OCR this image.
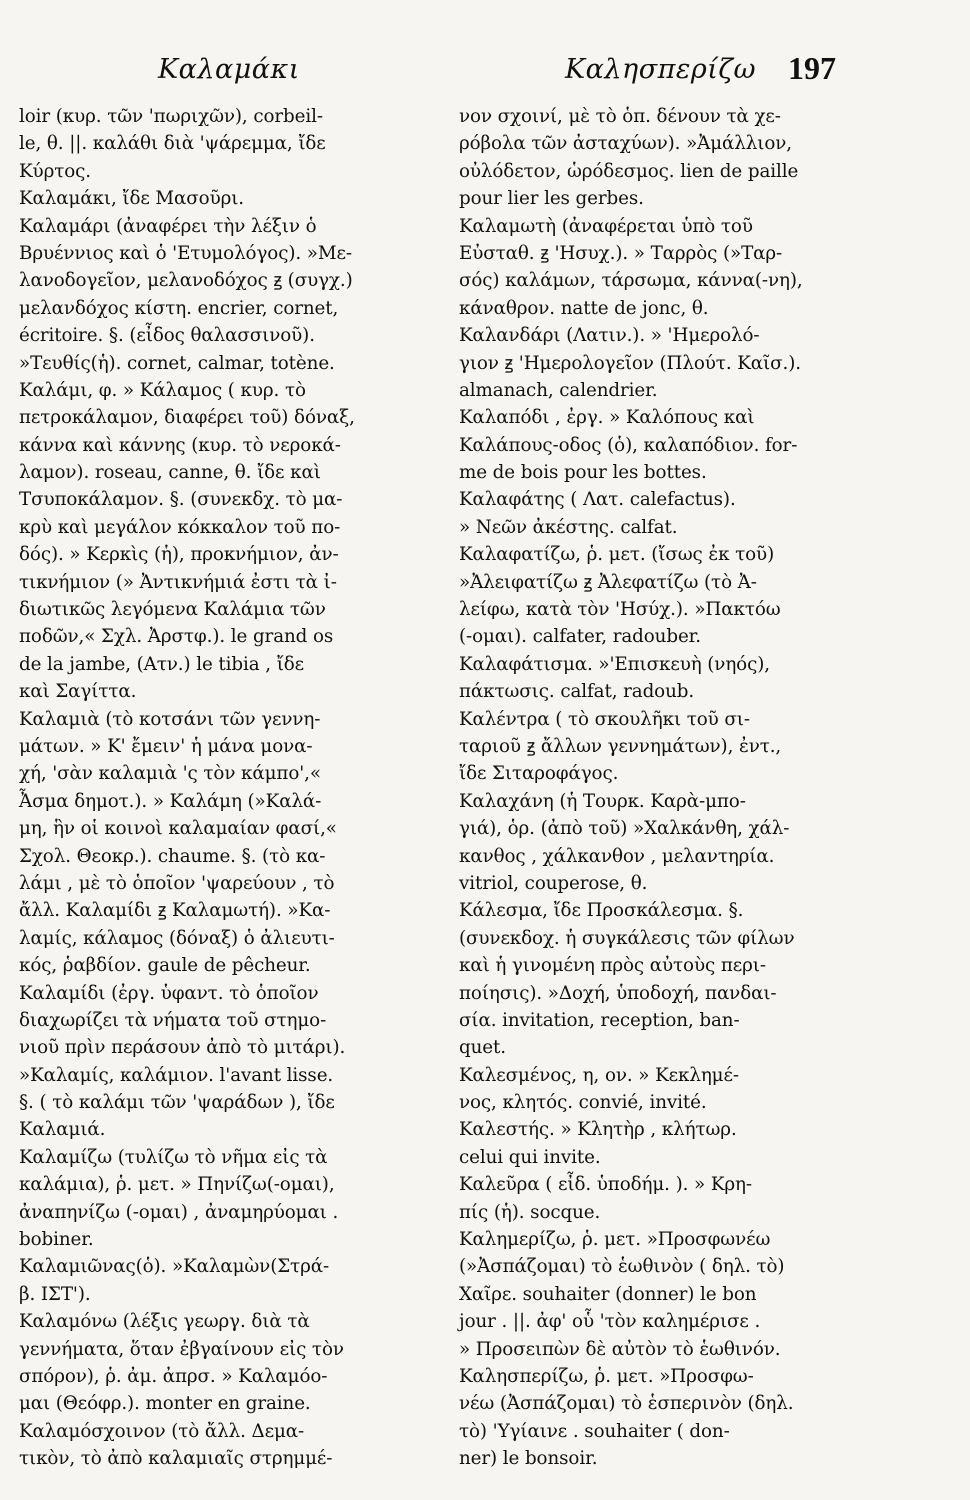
Καλαμάκι	Καλησπερίζω 197
loir (κυρ. τῶν 'πωριχῶν), corbeil-
le, θ. ||. καλάθι διὰ 'ψάρεμμα, ἴδε
Κύρτος.
Καλαμάκι, ἴδε Μασοῦρι.
Καλαμάρι (ἀναφέρει τὴν λέξιν ὁ
Βρυέννιος καὶ ὁ 'Ετυμολόγος). »Με-
λανοδογεῖον, μελανοδόχος ꙃ (συγχ.)
μελανδόχος κίστη. encrier, cornet,
écritoire. §. (εἶδος θαλασσινοῦ).
»Τευθίς(ἡ). cornet, calmar, totène.
Καλάμι, φ. » Κάλαμος ( κυρ. τὸ
πετροκάλαμον, διαφέρει τοῦ) δόναξ,
κάννα καὶ κάννης (κυρ. τὸ νεροκά-
λαμον). roseau, canne, θ. ἴδε καὶ
Τσυποκάλαμον. §. (συνεκδχ. τὸ μα-
κρὺ καὶ μεγάλον κόκκαλον τοῦ πο-
δός). » Κερκὶς (ἡ), προκνήμιον, ἀν-
τικνήμιον (» Ἀντικνήμιά ἐστι τὰ ἰ-
διωτικῶς λεγόμενα Καλάμια τῶν
ποδῶν,« Σχλ. Ἀρστφ.). le grand os
de la jambe, (Ατν.) le tibia , ἴδε
καὶ Σαγίττα.
Καλαμιὰ (τὸ κοτσάνι τῶν γεννη-
μάτων. » Κ' ἔμειν' ἡ μάνα μονα-
χή, 'σὰν καλαμιὰ 'ς τὸν κάμπο',«
Ἆσμα δημοτ.). » Καλάμη (»Καλά-
μη, ἣν οἱ κοινοὶ καλαμαίαν φασί,«
Σχολ. Θεοκρ.). chaume. §. (τὸ κα-
λάμι , μὲ τὸ ὁποῖον 'ψαρεύουν , τὸ
ἄλλ. Καλαμίδι ꙃ Καλαμωτή). »Κα-
λαμίς, κάλαμος (δόναξ) ὁ ἀλιευτι-
κός, ῥαβδίον. gaule de pêcheur.
Καλαμίδι (ἐργ. ὑφαντ. τὸ ὁποῖον
διαχωρίζει τὰ νήματα τοῦ στημο-
νιοῦ πρὶν περάσουν ἀπὸ τὸ μιτάρι).
»Καλαμίς, καλάμιον. l'avant lisse.
§. ( τὸ καλάμι τῶν 'ψαράδων ), ἴδε
Καλαμιά.
Καλαμίζω (τυλίζω τὸ νῆμα εἰς τὰ
καλάμια), ῥ. μετ. » Πηνίζω(-ομαι),
ἀναπηνίζω (-ομαι) , ἀναμηρύομαι .
bobiner.
Καλαμιῶνας(ὁ). »Καλαμὼν(Στρά-
β. ΙΣΤ').
Καλαμόνω (λέξις γεωργ. διὰ τὰ
γεννήματα, ὅταν ἐβγαίνουν εἰς τὸν
σπόρον), ῥ. ἀμ. ἀπρσ. » Καλαμόο-
μαι (Θεόφρ.). monter en graine.
Καλαμόσχοινον (τὸ ἄλλ. Δεμα-
τικὸν, τὸ ἀπὸ καλαμιαῖς στρημμέ-
νον σχοινί, μὲ τὸ ὁπ. δένουν τὰ χε-
ρόβολα τῶν ἀσταχύων). »Ἀμάλλιον,
οὐλόδετον, ὡρόδεσμος. lien de paille
pour lier les gerbes.
Καλαμωτὴ (ἀναφέρεται ὑπὸ τοῦ
Εὐσταθ. ꙃ 'Ησυχ.). » Ταρρὸς (»Ταρ-
σός) καλάμων, τάρσωμα, κάννα(-νη),
κάναθρον. natte de jonc, θ.
Καλανδάρι (Λατιν.). » 'Ημερολό-
γιον ꙃ 'Ημερολογεῖον (Πλούτ. Καῖσ.).
almanach, calendrier.
Καλαπόδι , ἐργ. » Καλόπους καὶ
Καλάπους-οδος (ὁ), καλαπόδιον. for-
me de bois pour les bottes.
Καλαφάτης ( Λατ. calefactus).
» Νεῶν ἀκέστης. calfat.
Καλαφατίζω, ῥ. μετ. (ἴσως ἐκ τοῦ)
»Ἀλειφατίζω ꙃ Ἀλεφατίζω (τὸ Ἀ-
λείφω, κατὰ τὸν 'Ησύχ.). »Πακτόω
(-ομαι). calfater, radouber.
Καλαφάτισμα. »'Επισκευὴ (νηός),
πάκτωσις. calfat, radoub.
Καλέντρα ( τὸ σκουλῆκι τοῦ σι-
ταριοῦ ꙃ ἄλλων γεννημάτων), ἐντ.,
ἴδε Σιταροφάγος.
Καλαχάνη (ἡ Τουρκ. Καρὰ-μπο-
γιά), ὁρ. (ἀπὸ τοῦ) »Χαλκάνθη, χάλ-
κανθος , χάλκανθον , μελαντηρία.
vitriol, couperose, θ.
Κάλεσμα, ἴδε Προσκάλεσμα. §.
(συνεκδοχ. ἡ συγκάλεσις τῶν φίλων
καὶ ἡ γινομένη πρὸς αὐτοὺς περι-
ποίησις). »Δοχή, ὑποδοχή, πανδαι-
σία. invitation, reception, ban-
quet.
Καλεσμένος, η, ον. » Κεκλημέ-
νος, κλητός. convié, invité.
Καλεστής. » Κλητὴρ , κλήτωρ.
celui qui invite.
Καλεῦρα ( εἶδ. ὑποδήμ. ). » Κρη-
πίς (ἡ). socque.
Καλημερίζω, ῥ. μετ. »Προσφωνέω
(»Ἀσπάζομαι) τὸ ἑωθινὸν ( δηλ. τὸ)
Χαῖρε. souhaiter (donner) le bon
jour . ||. ἀφ' οὗ 'τὸν καλημέρισε .
» Προσειπὼν δὲ αὐτὸν τὸ ἑωθινόν.
Καλησπερίζω, ῥ. μετ. »Προσφω-
νέω (Ἀσπάζομαι) τὸ ἑσπερινὸν (δηλ.
τὸ) 'Υγίαινε . souhaiter ( don-
ner) le bonsoir.
